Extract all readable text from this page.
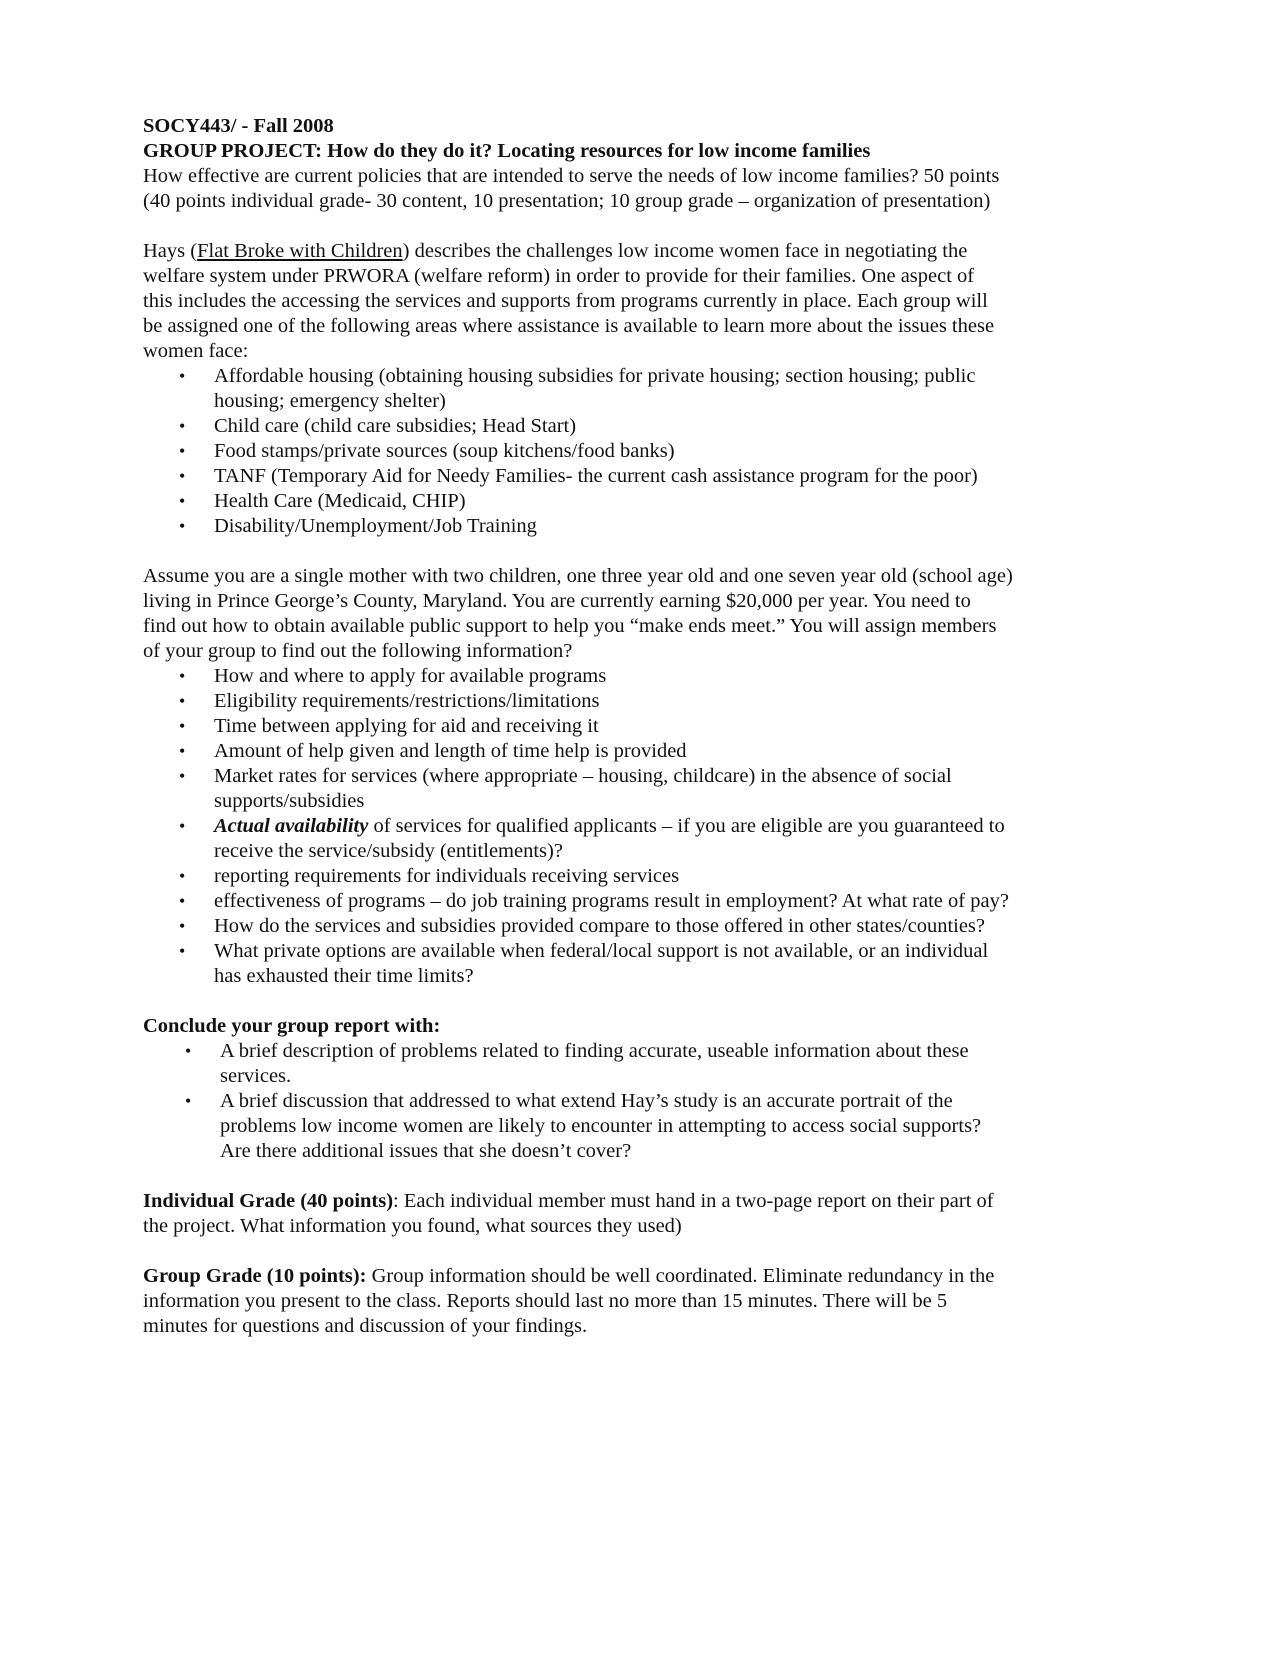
SOCY443/ - Fall 2008
GROUP PROJECT: How do they do it? Locating resources for low income families
How effective are current policies that are intended to serve the needs of low income families? 50 points
(40 points individual grade- 30 content, 10 presentation; 10 group grade – organization of presentation)
Hays (Flat Broke with Children) describes the challenges low income women face in negotiating the
welfare system under PRWORA (welfare reform) in order to provide for their families. One aspect of
this includes the accessing the services and supports from programs currently in place. Each group will
be assigned one of the following areas where assistance is available to learn more about the issues these
women face:
• Affordable housing (obtaining housing subsidies for private housing; section housing; public
housing; emergency shelter)
• Child care (child care subsidies; Head Start)
• Food stamps/private sources (soup kitchens/food banks)
• TANF (Temporary Aid for Needy Families- the current cash assistance program for the poor)
• Health Care (Medicaid, CHIP)
• Disability/Unemployment/Job Training
Assume you are a single mother with two children, one three year old and one seven year old (school age)
living in Prince George’s County, Maryland. You are currently earning $20,000 per year. You need to
find out how to obtain available public support to help you “make ends meet.” You will assign members
of your group to find out the following information?
• How and where to apply for available programs
• Eligibility requirements/restrictions/limitations
• Time between applying for aid and receiving it
• Amount of help given and length of time help is provided
• Market rates for services (where appropriate – housing, childcare) in the absence of social
supports/subsidies
• Actual availability of services for qualified applicants – if you are eligible are you guaranteed to
receive the service/subsidy (entitlements)?
• reporting requirements for individuals receiving services
• effectiveness of programs – do job training programs result in employment? At what rate of pay?
• How do the services and subsidies provided compare to those offered in other states/counties?
• What private options are available when federal/local support is not available, or an individual
has exhausted their time limits?
Conclude your group report with:
• A brief description of problems related to finding accurate, useable information about these
services.
• A brief discussion that addressed to what extend Hay’s study is an accurate portrait of the
problems low income women are likely to encounter in attempting to access social supports?
Are there additional issues that she doesn’t cover?
Individual Grade (40 points): Each individual member must hand in a two-page report on their part of
the project. What information you found, what sources they used)
Group Grade (10 points): Group information should be well coordinated. Eliminate redundancy in the
information you present to the class. Reports should last no more than 15 minutes. There will be 5
minutes for questions and discussion of your findings.
